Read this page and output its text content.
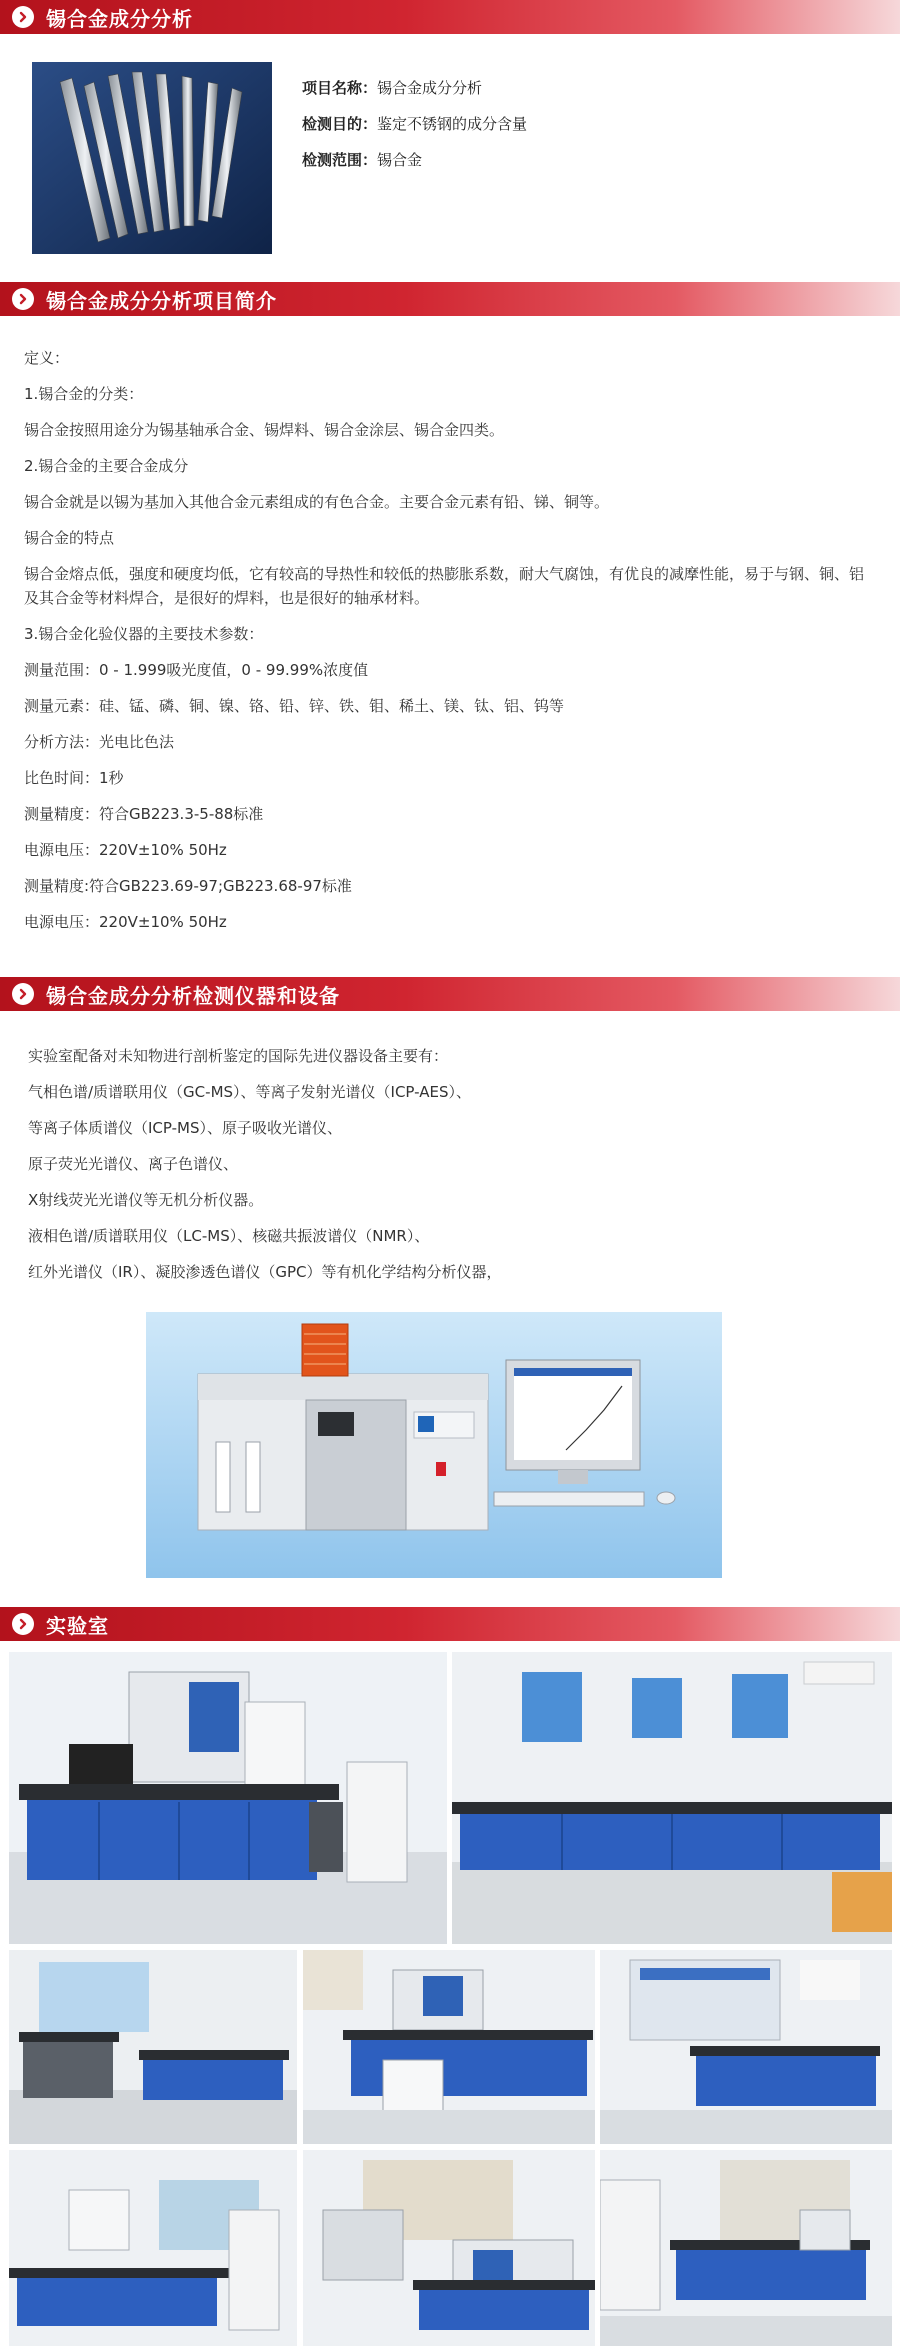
锡合金成分分析
项目名称：锡合金成分分析
检测目的：鉴定不锈钢的成分含量
检测范围：锡合金
锡合金成分分析项目简介

定义：

1.锡合金的分类：

锡合金按照用途分为锡基轴承合金、锡焊料、锡合金涂层、锡合金四类。

2.锡合金的主要合金成分

锡合金就是以锡为基加入其他合金元素组成的有色合金。主要合金元素有铅、锑、铜等。

锡合金的特点

锡合金熔点低，强度和硬度均低，它有较高的导热性和较低的热膨胀系数，耐大气腐蚀，有优良的减摩性能，易于与钢、铜、铝及其合金等材料焊合，是很好的焊料，也是很好的轴承材料。

3.锡合金化验仪器的主要技术参数：

测量范围：0 - 1.999吸光度值，0 - 99.99%浓度值

测量元素：硅、锰、磷、铜、镍、铬、铅、锌、铁、钼、稀土、镁、钛、铝、钨等

分析方法：光电比色法

比色时间：1秒

测量精度：符合GB223.3-5-88标准

电源电压：220V±10% 50Hz

测量精度:符合GB223.69-97;GB223.68-97标准

电源电压：220V±10% 50Hz

锡合金成分分析检测仪器和设备

实验室配备对未知物进行剖析鉴定的国际先进仪器设备主要有：

气相色谱/质谱联用仪（GC-MS）、等离子发射光谱仪（ICP-AES）、

等离子体质谱仪（ICP-MS）、原子吸收光谱仪、

原子荧光光谱仪、离子色谱仪、

X射线荧光光谱仪等无机分析仪器。

液相色谱/质谱联用仪（LC-MS）、核磁共振波谱仪（NMR）、

红外光谱仪（IR）、凝胶渗透色谱仪（GPC）等有机化学结构分析仪器，

实验室
